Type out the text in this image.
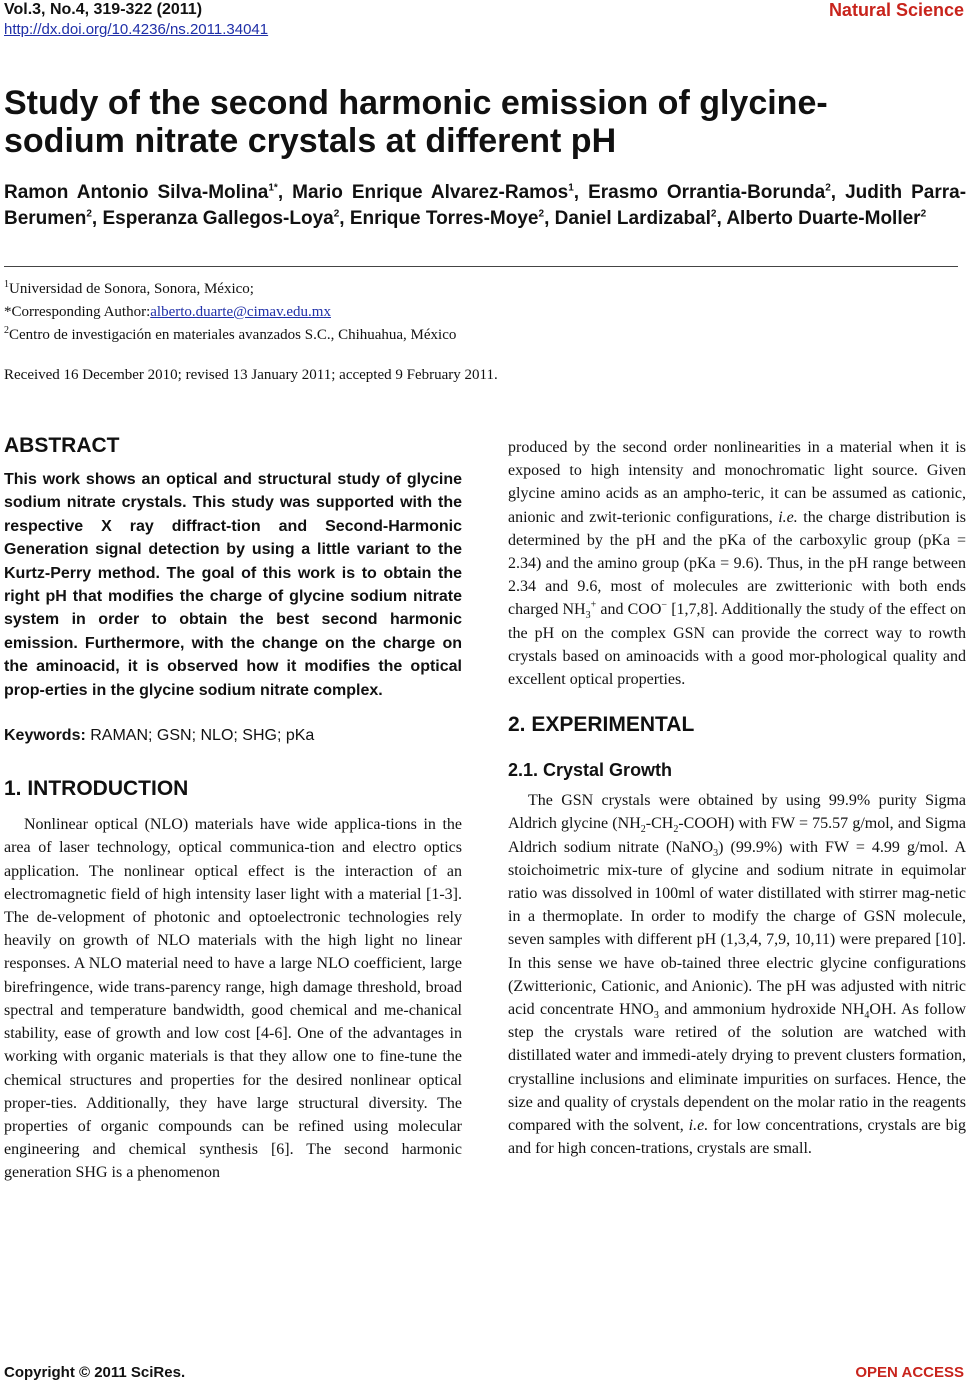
Vol.3, No.4, 319-322 (2011)
http://dx.doi.org/10.4236/ns.2011.34041
Natural Science
Study of the second harmonic emission of glycine-sodium nitrate crystals at different pH
Ramon Antonio Silva-Molina$^{1*}$, Mario Enrique Alvarez-Ramos$^1$, Erasmo Orrantia-Borunda$^2$, Judith Parra-Berumen$^2$, Esperanza Gallegos-Loya$^2$, Enrique Torres-Moye$^2$, Daniel Lardizabal$^2$, Alberto Duarte-Moller$^2$

$^1$Universidad de Sonora, Sonora, México;

*Corresponding Author:alberto.duarte@cimav.edu.mx

$^2$Centro de investigación en materiales avanzados S.C., Chihuahua, México

Received 16 December 2010; revised 13 January 2011; accepted 9 February 2011.
ABSTRACT

This work shows an optical and structural study of glycine sodium nitrate crystals. This study was supported with the respective X ray diffract-tion and Second-Harmonic Generation signal detection by using a little variant to the Kurtz-Perry method. The goal of this work is to obtain the right pH that modifies the charge of glycine sodium nitrate system in order to obtain the best second harmonic emission. Furthermore, with the change on the charge on the aminoacid, it is observed how it modifies the optical prop-erties in the glycine sodium nitrate complex.

Keywords: RAMAN; GSN; NLO; SHG; pKa

1. INTRODUCTION

Nonlinear optical (NLO) materials have wide applica-tions in the area of laser technology, optical communica-tion and electro optics application. The nonlinear optical effect is the interaction of an electromagnetic field of high intensity laser light with a material [1-3]. The de-velopment of photonic and optoelectronic technologies rely heavily on growth of NLO materials with the high light no linear responses. A NLO material need to have a large NLO coefficient, large birefringence, wide trans-parency range, high damage threshold, broad spectral and temperature bandwidth, good chemical and me-chanical stability, ease of growth and low cost [4-6]. One of the advantages in working with organic materials is that they allow one to fine-tune the chemical structures and properties for the desired nonlinear optical proper-ties. Additionally, they have large structural diversity. The properties of organic compounds can be refined using molecular engineering and chemical synthesis [6]. The second harmonic generation SHG is a phenomenon

produced by the second order nonlinearities in a material when it is exposed to high intensity and monochromatic light source. Given glycine amino acids as an ampho-teric, it can be assumed as cationic, anionic and zwit-terionic configurations, i.e. the charge distribution is determined by the pH and the pKa of the carboxylic group (pKa = 2.34) and the amino group (pKa = 9.6). Thus, in the pH range between 2.34 and 9.6, most of molecules are zwitterionic with both ends charged $NH_3^+$ and COO− [1,7,8]. Additionally the study of the effect on the pH on the complex GSN can provide the correct way to rowth crystals based on aminoacids with a good mor-phological quality and excellent optical properties.

2. EXPERIMENTAL
2.1. Crystal Growth

The GSN crystals were obtained by using 99.9% purity Sigma Aldrich glycine $(NH_2-CH_2-COOH)$ with FW = 75.57 g/mol, and Sigma Aldrich sodium nitrate (NaNO$_3$) (99.9%) with FW = 4.99 g/mol. A stoichoimetric mix-ture of glycine and sodium nitrate in equimolar ratio was dissolved in 100ml of water distillated with stirrer mag-netic in a thermoplate. In order to modify the charge of GSN molecule, seven samples with different pH (1,3,4, 7,9, 10,11) were prepared [10]. In this sense we have ob-tained three electric glycine configurations (Zwitterionic, Cationic, and Anionic). The pH was adjusted with nitric acid concentrate $HNO_3$ and ammonium hydroxide $NH_4OH$. As follow step the crystals ware retired of the solution are watched with distillated water and immedi-ately drying to prevent clusters formation, crystalline inclusions and eliminate impurities on surfaces. Hence, the size and quality of crystals dependent on the molar ratio in the reagents compared with the solvent, i.e. for low concentrations, crystals are big and for high concen-trations, crystals are small.

Copyright © 2011 SciRes.	OPEN ACCESS
